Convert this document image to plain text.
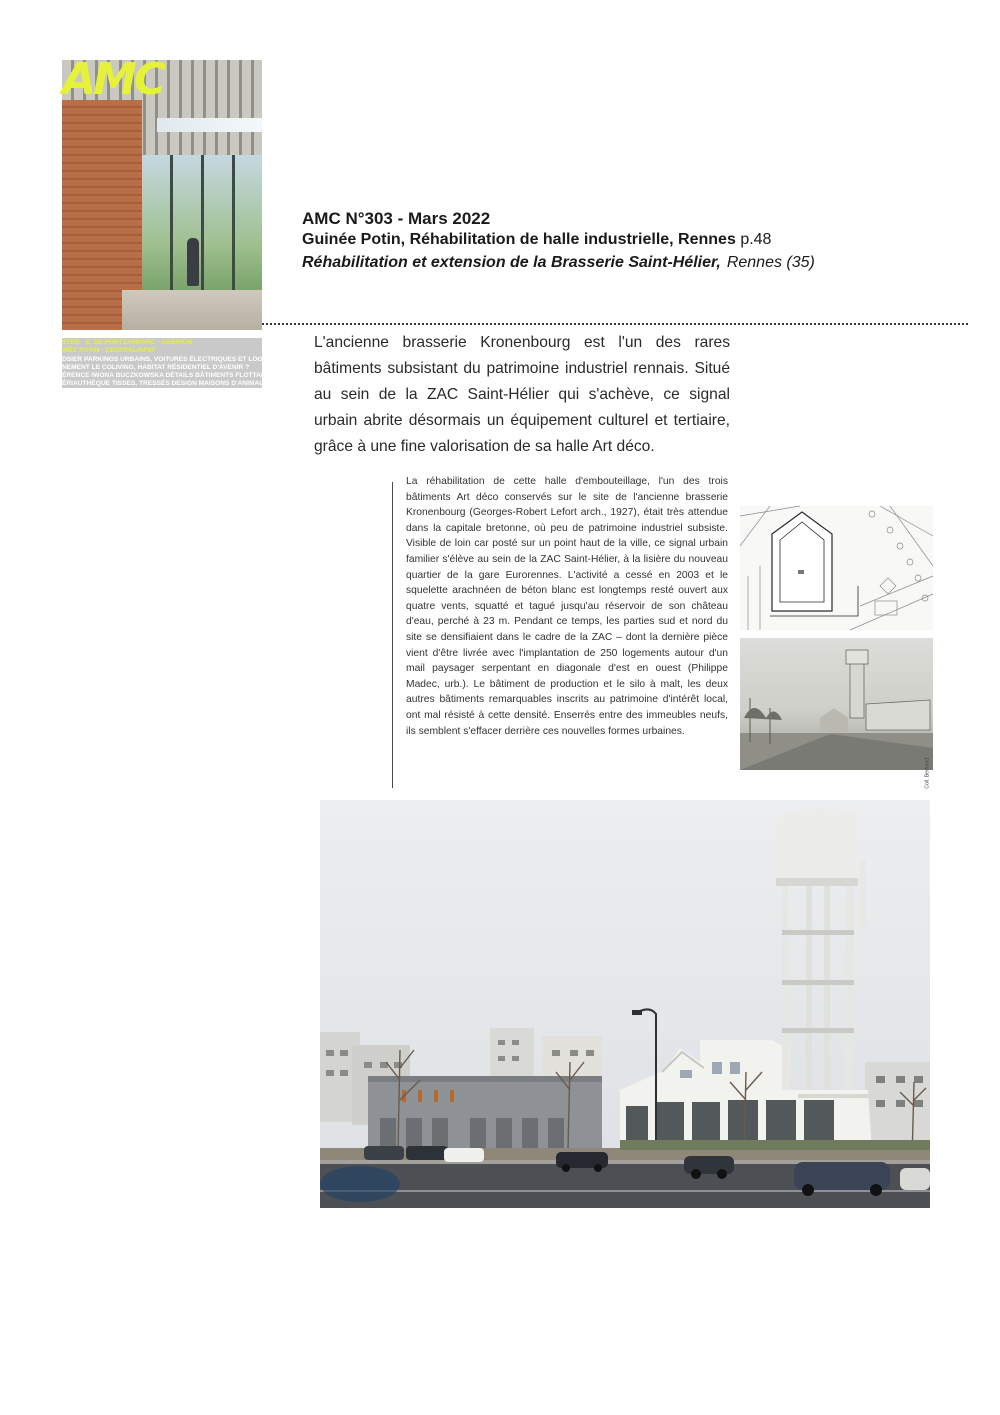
AMC
STER · E. DE PORTZAMPARC · GABRION ·
INÉE POTIN · CENTRAL/NP2F
DSIER PARKINGS URBAINS, VOITURES ÉLECTRIQUES ET LOGISTIQUE
NEMENT LE COLIVING, HABITAT RÉSIDENTIEL D'AVENIR ?
ÉRENCE IWONA BUCZKOWSKA DÉTAILS BÂTIMENTS FLOTTANTS
ÉRIAUTHÈQUE TISSES, TRESSÉS DESIGN MAISONS D'ANIMAUX
AMC N°303 - Mars 2022
Guinée Potin, Réhabilitation de halle industrielle, Rennes p.48
Réhabilitation et extension de la Brasserie Saint-Hélier, Rennes (35)

L'ancienne brasserie Kronenbourg est l'un des rares bâtiments subsistant du patrimoine industriel rennais. Situé au sein de la ZAC Saint-Hélier qui s'achève, ce signal urbain abrite désormais un équipement culturel et tertiaire, grâce à une fine valorisation de sa halle Art déco.

La réhabilitation de cette halle d'embouteillage, l'un des trois bâtiments Art déco conservés sur le site de l'ancienne brasserie Kronenbourg (Georges-Robert Lefort arch., 1927), était très attendue dans la capitale bretonne, où peu de patrimoine industriel subsiste. Visible de loin car posté sur un point haut de la ville, ce signal urbain familier s'élève au sein de la ZAC Saint-Hélier, à la lisière du nouveau quartier de la gare Eurorennes. L'activité a cessé en 2003 et le squelette arachnéen de béton blanc est longtemps resté ouvert aux quatre vents, squatté et tagué jusqu'au réservoir de son château d'eau, perché à 23 m. Pendant ce temps, les parties sud et nord du site se densifiaient dans le cadre de la ZAC – dont la dernière pièce vient d'être livrée avec l'implantation de 250 logements autour d'un mail paysager serpentant en diagonale d'est en ouest (Philippe Madec, urb.). Le bâtiment de production et le silo à malt, les deux autres bâtiments remarquables inscrits au patrimoine d'intérêt local, ont mal résisté à cette densité. Enserrés entre des immeubles neufs, ils semblent s'effacer derrière ces nouvelles formes urbaines.

Coll. Bertrand
